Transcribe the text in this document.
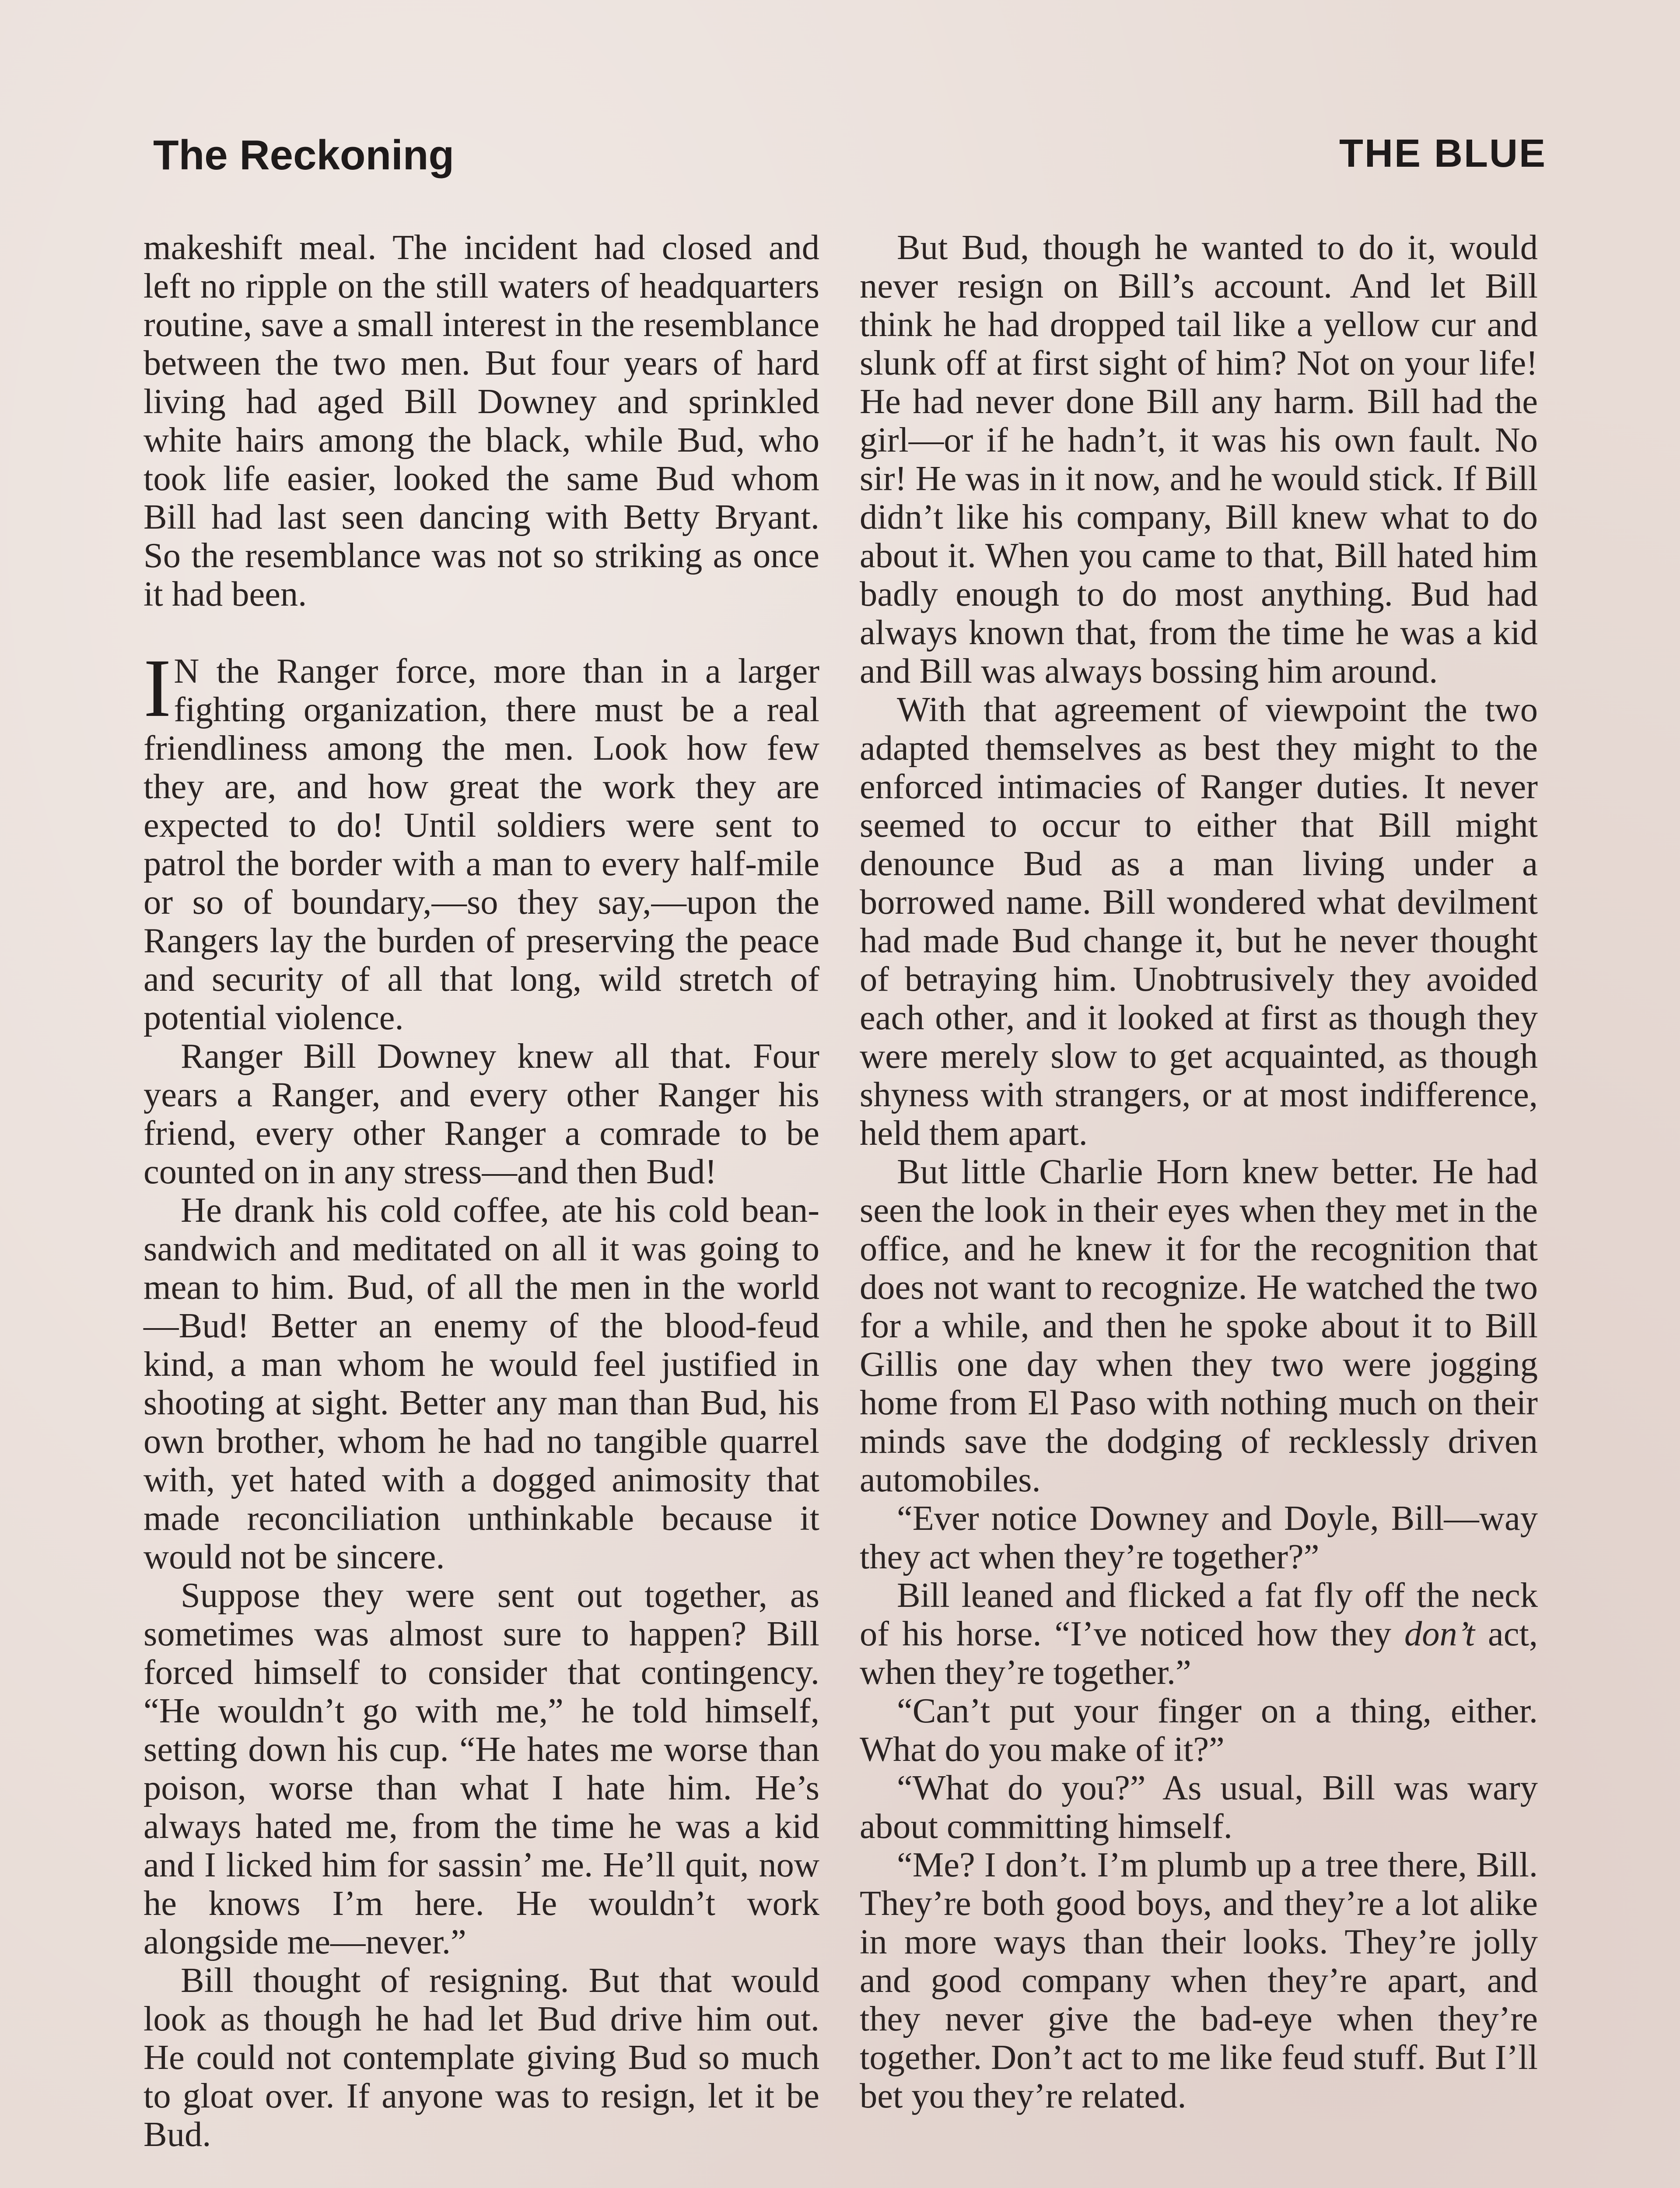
The Reckoning	THE BLUE

makeshift meal. The incident had closed and left no ripple on the still waters of headquarters routine, save a small interest in the resemblance between the two men. But four years of hard living had aged Bill Downey and sprinkled white hairs among the black, while Bud, who took life easier, looked the same Bud whom Bill had last seen dancing with Betty Bryant. So the resemblance was not so striking as once it had been.

I N the Ranger force, more than in a larger fighting organization, there must be a real friendliness among the men. Look how few they are, and how great the work they are expected to do! Until soldiers were sent to patrol the border with a man to every half-mile or so of boundary,—so they say,—upon the Rangers lay the burden of preserving the peace and security of all that long, wild stretch of potential violence.

Ranger Bill Downey knew all that. Four years a Ranger, and every other Ranger his friend, every other Ranger a comrade to be counted on in any stress—and then Bud!

He drank his cold coffee, ate his cold bean-sandwich and meditated on all it was going to mean to him. Bud, of all the men in the world—Bud! Better an enemy of the blood-feud kind, a man whom he would feel justified in shooting at sight. Better any man than Bud, his own brother, whom he had no tangible quarrel with, yet hated with a dogged animosity that made reconciliation unthinkable because it would not be sincere.

Suppose they were sent out together, as sometimes was almost sure to happen? Bill forced himself to consider that contingency. “He wouldn’t go with me,” he told himself, setting down his cup. “He hates me worse than poison, worse than what I hate him. He’s always hated me, from the time he was a kid and I licked him for sassin’ me. He’ll quit, now he knows I’m here. He wouldn’t work alongside me—never.”

Bill thought of resigning. But that would look as though he had let Bud drive him out. He could not contemplate giving Bud so much to gloat over. If anyone was to resign, let it be Bud.

But Bud, though he wanted to do it, would never resign on Bill’s account. And let Bill think he had dropped tail like a yellow cur and slunk off at first sight of him? Not on your life! He had never done Bill any harm. Bill had the girl—or if he hadn’t, it was his own fault. No sir! He was in it now, and he would stick. If Bill didn’t like his company, Bill knew what to do about it. When you came to that, Bill hated him badly enough to do most anything. Bud had always known that, from the time he was a kid and Bill was always bossing him around.

With that agreement of viewpoint the two adapted themselves as best they might to the enforced intimacies of Ranger duties. It never seemed to occur to either that Bill might denounce Bud as a man living under a borrowed name. Bill wondered what devilment had made Bud change it, but he never thought of betraying him. Unobtrusively they avoided each other, and it looked at first as though they were merely slow to get acquainted, as though shyness with strangers, or at most indifference, held them apart.

But little Charlie Horn knew better. He had seen the look in their eyes when they met in the office, and he knew it for the recognition that does not want to recognize. He watched the two for a while, and then he spoke about it to Bill Gillis one day when they two were jogging home from El Paso with nothing much on their minds save the dodging of recklessly driven automobiles.

“Ever notice Downey and Doyle, Bill—way they act when they’re together?”

Bill leaned and flicked a fat fly off the neck of his horse. “I’ve noticed how they don’t act, when they’re together.”

“Can’t put your finger on a thing, either. What do you make of it?”

“What do you?” As usual, Bill was wary about committing himself.

“Me? I don’t. I’m plumb up a tree there, Bill. They’re both good boys, and they’re a lot alike in more ways than their looks. They’re jolly and good company when they’re apart, and they never give the bad-eye when they’re together. Don’t act to me like feud stuff. But I’ll bet you they’re related.
